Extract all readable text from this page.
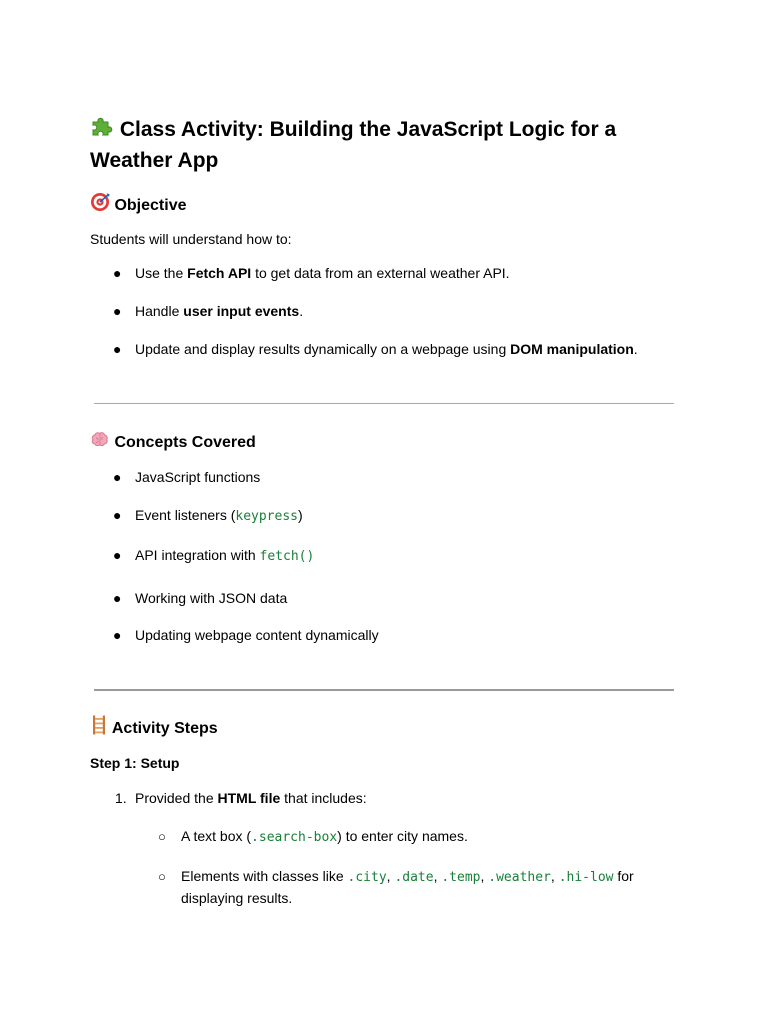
Class Activity: Building the JavaScript Logic for a Weather App
Objective

Students will understand how to:

● Use the Fetch API to get data from an external weather API.
● Handle user input events.
● Update and display results dynamically on a webpage using DOM manipulation.
Concepts Covered
● JavaScript functions
● Event listeners (keypress)
● API integration with fetch()
● Working with JSON data
● Updating webpage content dynamically
Activity Steps

Step 1: Setup

1. Provided the HTML file that includes:
○ A text box (.search-box) to enter city names.
○ Elements with classes like .city, .date, .temp, .weather, .hi-low for displaying results.
